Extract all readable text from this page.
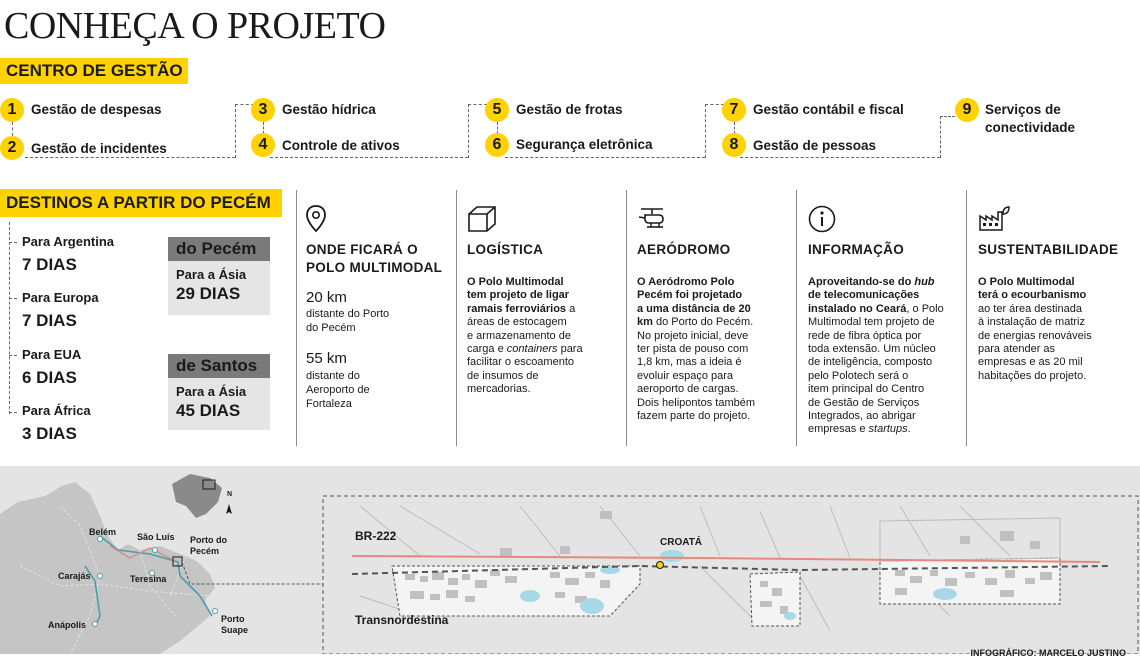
CONHEÇA O PROJETO
CENTRO DE GESTÃO
1	Gestão de despesas
2	Gestão de incidentes
3	Gestão hídrica
4	Controle de ativos
5	Gestão de frotas
6	Segurança eletrônica
7	Gestão contábil e fiscal
8	Gestão de pessoas
9	Serviços de
conectividade
DESTINOS A PARTIR DO PECÉM
Para Argentina
7 DIAS
Para Europa
7 DIAS
Para EUA
6 DIAS
Para África
3 DIAS
do Pecém
Para a Ásia
29 DIAS
de Santos
Para a Ásia
45 DIAS
ONDE FICARÁ O
POLO MULTIMODAL
20 km
distante do Porto
do Pecém
55 km
distante do
Aeroporto de
Fortaleza
LOGÍSTICA
O Polo Multimodal
tem projeto de ligar
ramais ferroviários a
áreas de estocagem
e armazenamento de
carga e containers para
facilitar o escoamento
de insumos de
mercadorias.
AERÓDROMO
O Aeródromo Polo
Pecém foi projetado
a uma distância de 20
km do Porto do Pecém.
No projeto inicial, deve
ter pista de pouso com
1,8 km, mas a ideia é
evoluir espaço para
aeroporto de cargas.
Dois helipontos também
fazem parte do projeto.
INFORMAÇÃO
Aproveitando-se do hub
de telecomunicações
instalado no Ceará, o Polo
Multimodal tem projeto de
rede de fibra óptica por
toda extensão. Um núcleo
de inteligência, composto
pelo Polotech será o
item principal do Centro
de Gestão de Serviços
Integrados, ao abrigar
empresas e startups.
SUSTENTABILIDADE
O Polo Multimodal
terá o ecourbanismo
ao ter área destinada
à instalação de matriz
de energias renováveis
para atender as
empresas e as 20 mil
habitações do projeto.
Belém São Luís Porto do
Pecém
Carajás	Teresina
Anápolis
Porto
Suape
N
BR-222	CROATÁ
Transnordestina
INFOGRÁFICO: MARCELO JUSTINO
